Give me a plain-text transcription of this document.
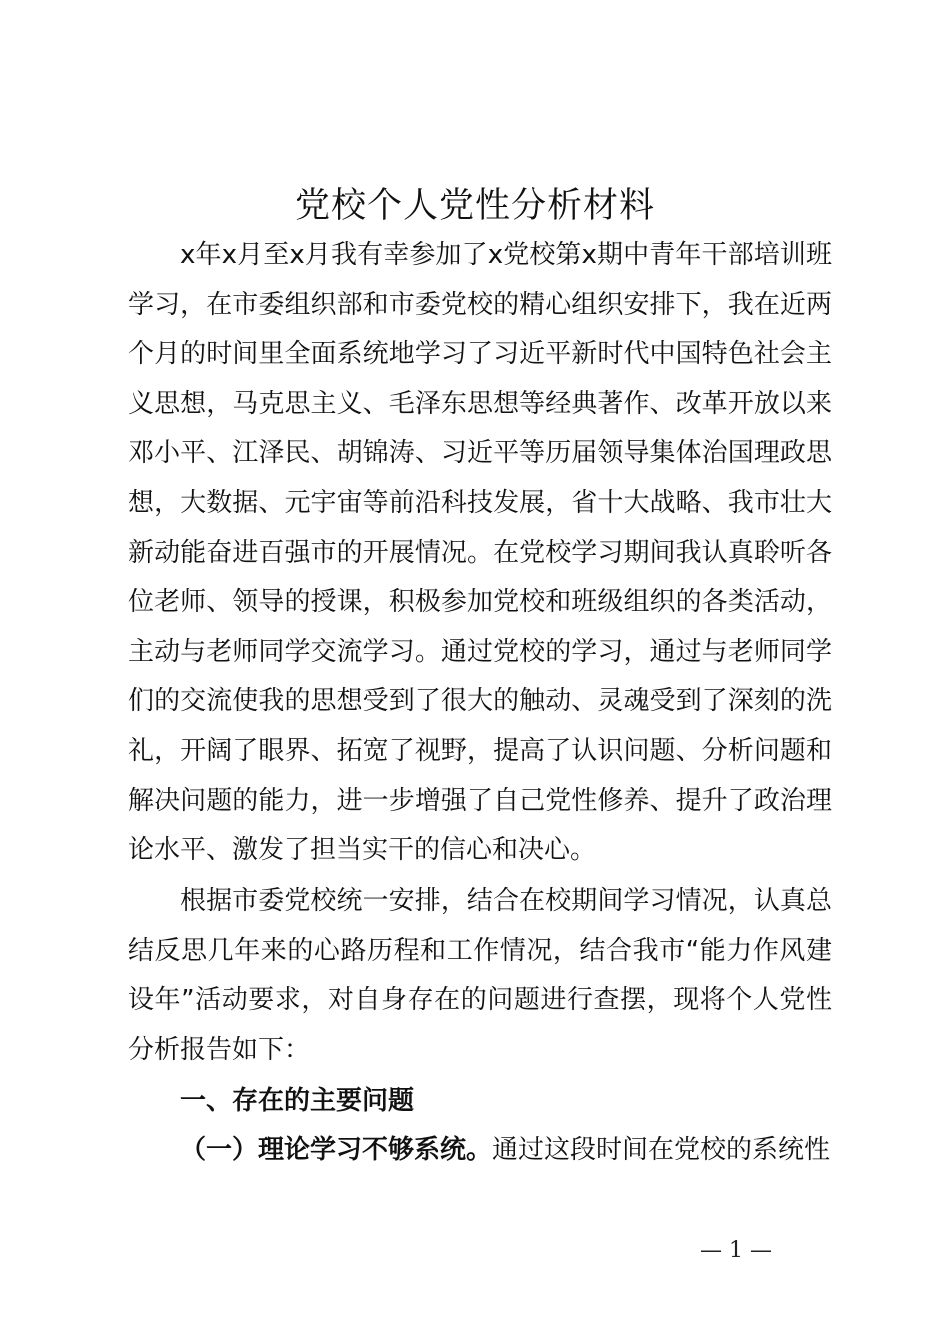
党校个人党性分析材料

x年x月至x月我有幸参加了x党校第x期中青年干部培训班学习，在市委组织部和市委党校的精心组织安排下，我在近两个月的时间里全面系统地学习了习近平新时代中国特色社会主义思想，马克思主义、毛泽东思想等经典著作、改革开放以来邓小平、江泽民、胡锦涛、习近平等历届领导集体治国理政思想，大数据、元宇宙等前沿科技发展，省十大战略、我市壮大新动能奋进百强市的开展情况。在党校学习期间我认真聆听各位老师、领导的授课，积极参加党校和班级组织的各类活动，主动与老师同学交流学习。通过党校的学习，通过与老师同学们的交流使我的思想受到了很大的触动、灵魂受到了深刻的洗礼，开阔了眼界、拓宽了视野，提高了认识问题、分析问题和解决问题的能力，进一步增强了自己党性修养、提升了政治理论水平、激发了担当实干的信心和决心。

根据市委党校统一安排，结合在校期间学习情况，认真总结反思几年来的心路历程和工作情况，结合我市“能力作风建设年”活动要求，对自身存在的问题进行查摆，现将个人党性分析报告如下：

一、存在的主要问题

（一）理论学习不够系统。通过这段时间在党校的系统性

— 1 —
